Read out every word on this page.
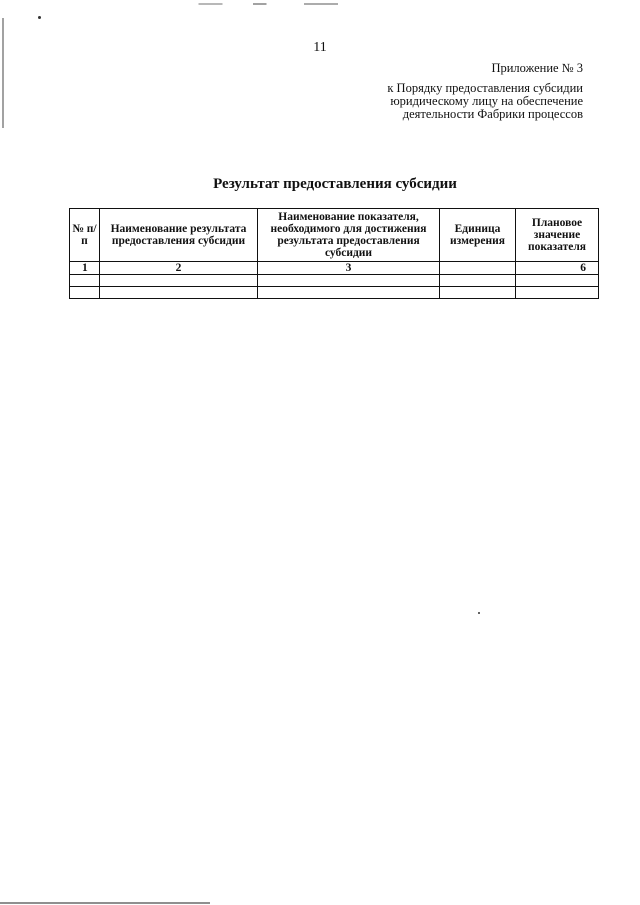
11
Приложение № 3
к Порядку предоставления субсидии
юридическому лицу на обеспечение
деятельности Фабрики процессов
Результат предоставления субсидии
№ п/п	Наименование результата предоставления субсидии	Наименование показателя, необходимого для достижения результата предоставления субсидии	Единица измерения	Плановое значение показателя
1	2	3		6
